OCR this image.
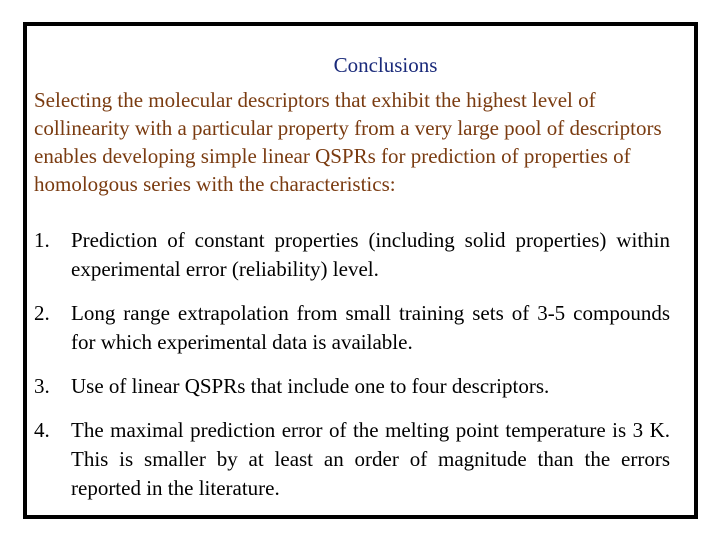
Conclusions

Selecting the molecular descriptors that exhibit the highest level of collinearity with a particular property from a very large pool of descriptors enables developing simple linear QSPRs for prediction of properties of homologous series with the characteristics:

1. Prediction of constant properties (including solid properties) within experimental error (reliability) level.
2. Long range extrapolation from small training sets of 3-5 compounds for which experimental data is available.
3. Use of linear QSPRs that include one to four descriptors.
4. The maximal prediction error of the melting point temperature is 3 K. This is smaller by at least an order of magnitude than the errors reported in the literature.
